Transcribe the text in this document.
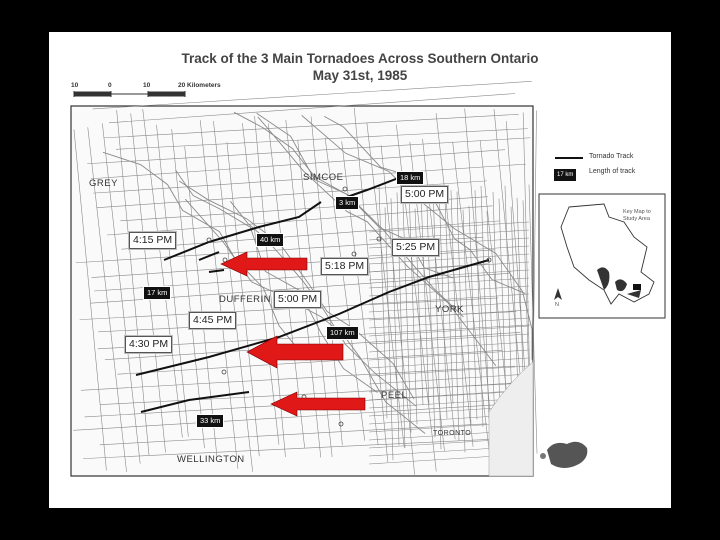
Track of the 3 Main Tornadoes Across Southern Ontario
May 31st, 1985
10	0	10	20 Kilometers
Tornado Track
17 km	Length of track
Key Map to Study Area
N
GREY
SIMCOE
DUFFERIN
YORK
PEEL
WELLINGTON
TORONTO
4:15 PM
4:30 PM
4:45 PM
5:00 PM
5:18 PM
5:25 PM
5:00 PM
18 km
3 km
40 km
17 km
107 km
33 km
